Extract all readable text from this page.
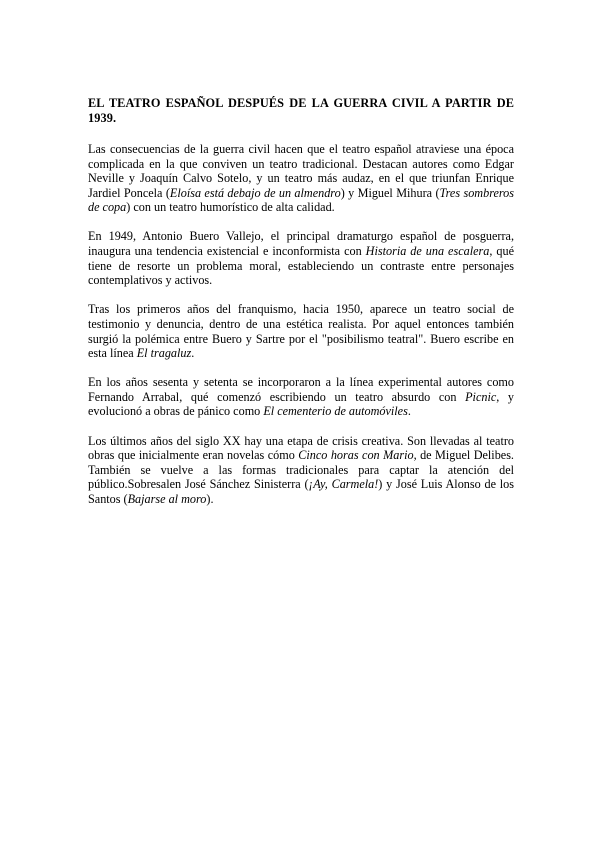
EL TEATRO ESPAÑOL DESPUÉS DE LA GUERRA CIVIL A PARTIR DE 1939.

Las consecuencias de la guerra civil hacen que el teatro español atraviese una época complicada en la que conviven un teatro tradicional. Destacan autores como Edgar Neville y Joaquín Calvo Sotelo, y un teatro más audaz, en el que triunfan Enrique Jardiel Poncela (Eloísa está debajo de un almendro) y Miguel Mihura (Tres sombreros de copa) con un teatro humorístico de alta calidad.

En 1949, Antonio Buero Vallejo, el principal dramaturgo español de posguerra, inaugura una tendencia existencial e inconformista con Historia de una escalera, qué tiene de resorte un problema moral, estableciendo un contraste entre personajes contemplativos y activos.

Tras los primeros años del franquismo, hacia 1950, aparece un teatro social de testimonio y denuncia, dentro de una estética realista. Por aquel entonces también surgió la polémica entre Buero y Sartre por el "posibilismo teatral". Buero escribe en esta línea El tragaluz.

En los años sesenta y setenta se incorporaron a la línea experimental autores como Fernando Arrabal, qué comenzó escribiendo un teatro absurdo con Picnic, y evolucionó a obras de pánico como El cementerio de automóviles.

Los últimos años del siglo XX hay una etapa de crisis creativa. Son llevadas al teatro obras que inicialmente eran novelas cómo Cinco horas con Mario, de Miguel Delibes. También se vuelve a las formas tradicionales para captar la atención del público.Sobresalen José Sánchez Sinisterra (¡Ay, Carmela!) y José Luis Alonso de los Santos (Bajarse al moro).
